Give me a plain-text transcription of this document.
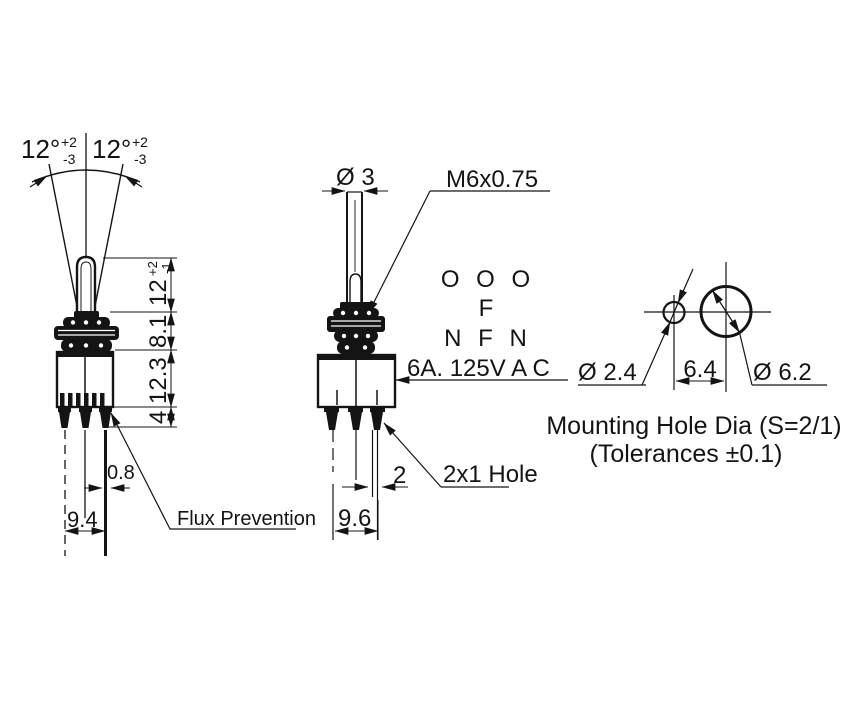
12° +2
-3 12° +2
-3
12
+2 -1
8.1
12.3
4
0.8
9.4	Flux Prevention
Ø 3	M6x0.75
O O O
F
N F N
6A. 125V A C
2 2x1 Hole
9.6
Ø 2.4 6.4 Ø 6.2
Mounting Hole Dia (S=2/1)
(Tolerances ±0.1)
